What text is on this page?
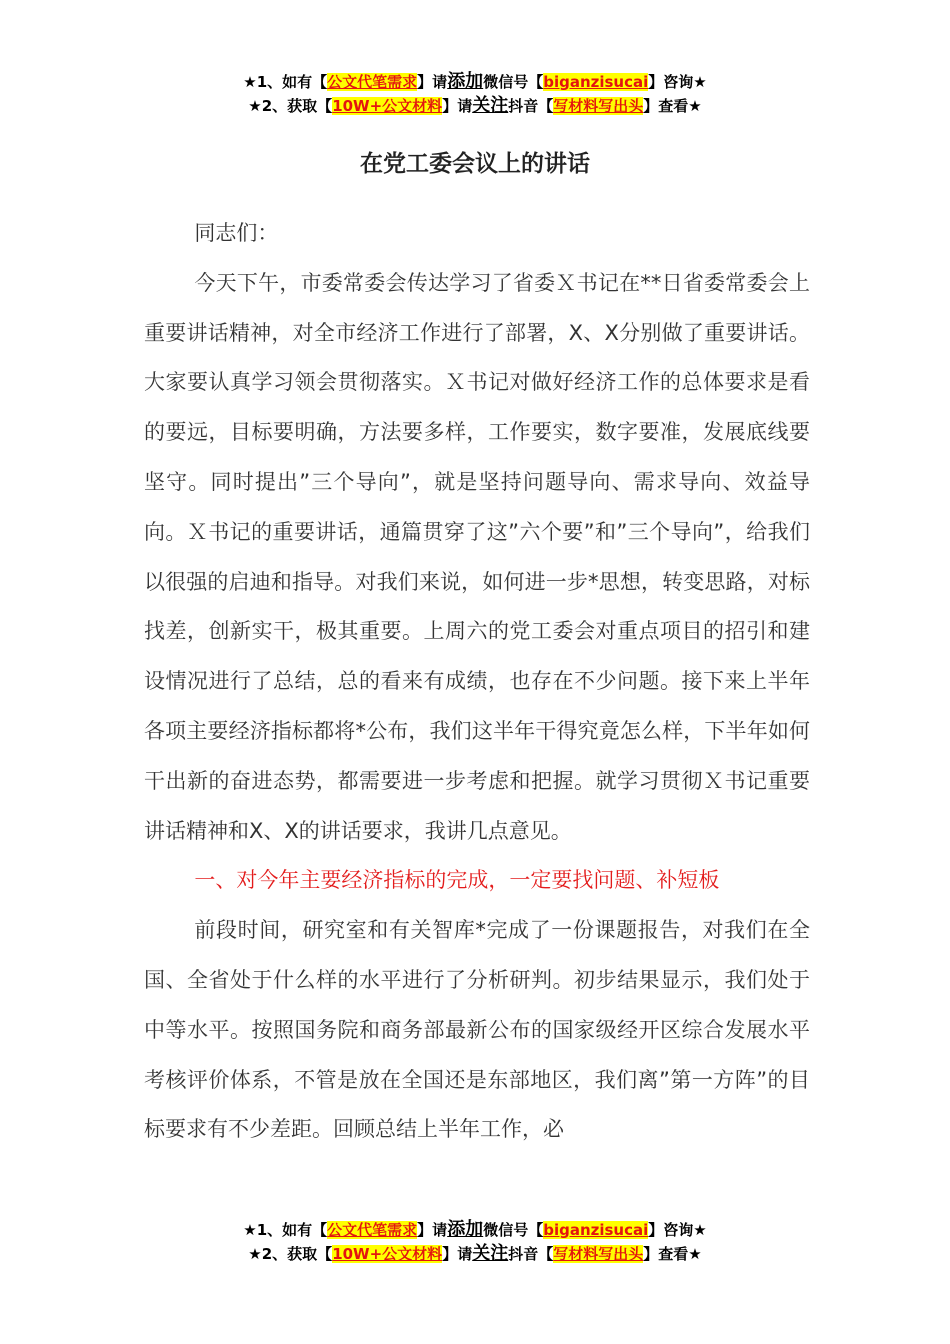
★1、如有【公文代笔需求】请添加微信号【biganzisucai】咨询★
★2、获取【10W+公文材料】请关注抖音【写材料写出头】查看★
在党工委会议上的讲话

同志们：

今天下午，市委常委会传达学习了省委Ｘ书记在**日省委常委会上重要讲话精神，对全市经济工作进行了部署，X、X分别做了重要讲话。大家要认真学习领会贯彻落实。Ｘ书记对做好经济工作的总体要求是看的要远，目标要明确，方法要多样，工作要实，数字要准，发展底线要坚守。同时提出”三个导向”，就是坚持问题导向、需求导向、效益导向。Ｘ书记的重要讲话，通篇贯穿了这”六个要”和”三个导向”，给我们以很强的启迪和指导。对我们来说，如何进一步*思想，转变思路，对标找差，创新实干，极其重要。上周六的党工委会对重点项目的招引和建设情况进行了总结，总的看来有成绩，也存在不少问题。接下来上半年各项主要经济指标都将*公布，我们这半年干得究竟怎么样，下半年如何干出新的奋进态势，都需要进一步考虑和把握。就学习贯彻Ｘ书记重要讲话精神和X、X的讲话要求，我讲几点意见。

一、对今年主要经济指标的完成，一定要找问题、补短板

前段时间，研究室和有关智库*完成了一份课题报告，对我们在全国、全省处于什么样的水平进行了分析研判。初步结果显示，我们处于中等水平。按照国务院和商务部最新公布的国家级经开区综合发展水平考核评价体系，不管是放在全国还是东部地区，我们离”第一方阵”的目标要求有不少差距。回顾总结上半年工作，必

★1、如有【公文代笔需求】请添加微信号【biganzisucai】咨询★
★2、获取【10W+公文材料】请关注抖音【写材料写出头】查看★
